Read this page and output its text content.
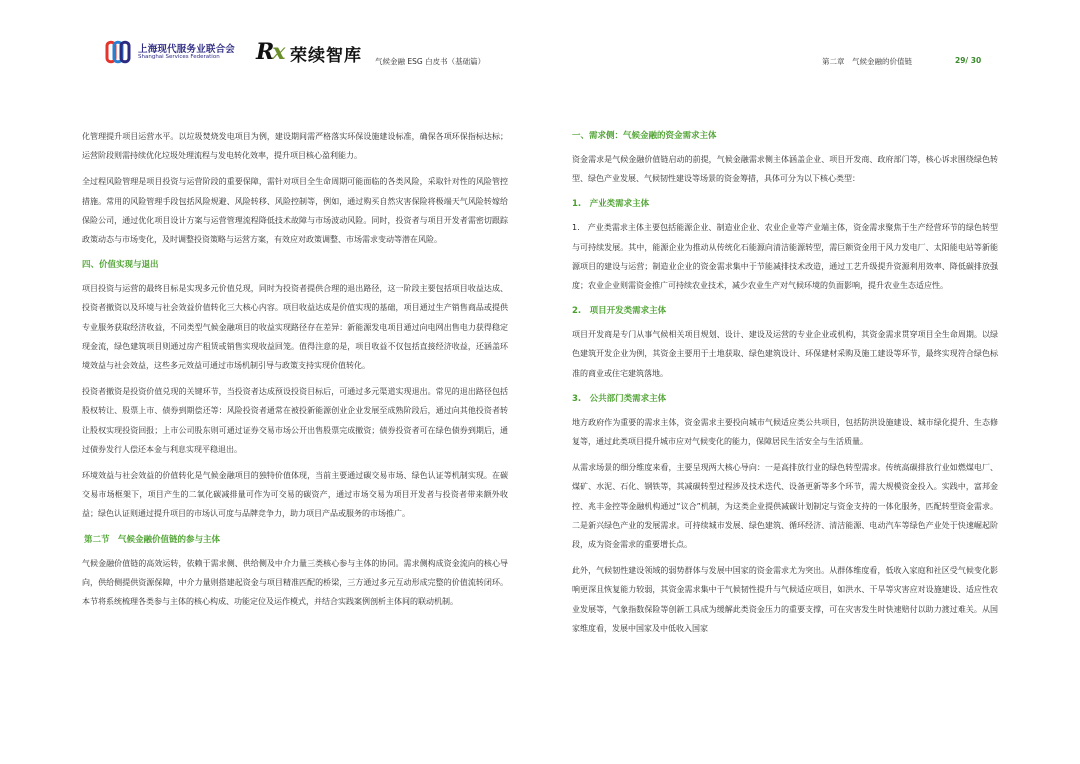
上海现代服务业联合会
Shanghai Services Federation Rx 荣续智库 气候金融 ESG 白皮书（基础篇）	第二章　气候金融的价值链	29/ 30

化管理提升项目运营水平。以垃圾焚烧发电项目为例，建设期间需严格落实环保设施建设标准，确保各项环保指标达标；运营阶段则需持续优化垃圾处理流程与发电转化效率，提升项目核心盈利能力。

全过程风险管理是项目投资与运营阶段的重要保障，需针对项目全生命周期可能面临的各类风险，采取针对性的风险管控措施。常用的风险管理手段包括风险规避、风险转移、风险控制等，例如，通过购买自然灾害保险将极端天气风险转嫁给保险公司，通过优化项目设计方案与运营管理流程降低技术故障与市场波动风险。同时，投资者与项目开发者需密切跟踪政策动态与市场变化，及时调整投资策略与运营方案，有效应对政策调整、市场需求变动等潜在风险。

四、价值实现与退出

项目投资与运营的最终目标是实现多元价值兑现，同时为投资者提供合理的退出路径，这一阶段主要包括项目收益达成、投资者撤资以及环境与社会效益价值转化三大核心内容。项目收益达成是价值实现的基础，项目通过生产销售商品或提供专业服务获取经济收益，不同类型气候金融项目的收益实现路径存在差异：新能源发电项目通过向电网出售电力获得稳定现金流，绿色建筑项目则通过房产租赁或销售实现收益回笼。值得注意的是，项目收益不仅包括直接经济收益，还涵盖环境效益与社会效益，这些多元效益可通过市场机制引导与政策支持实现价值转化。

投资者撤资是投资价值兑现的关键环节，当投资者达成预设投资目标后，可通过多元渠道实现退出。常见的退出路径包括股权转让、股票上市、债券到期偿还等：风险投资者通常在被投新能源创业企业发展至成熟阶段后，通过向其他投资者转让股权实现投资回报；上市公司股东则可通过证券交易市场公开出售股票完成撤资；债券投资者可在绿色债券到期后，通过债券发行人偿还本金与利息实现平稳退出。

环境效益与社会效益的价值转化是气候金融项目的独特价值体现，当前主要通过碳交易市场、绿色认证等机制实现。在碳交易市场框架下，项目产生的二氧化碳减排量可作为可交易的碳资产，通过市场交易为项目开发者与投资者带来额外收益；绿色认证则通过提升项目的市场认可度与品牌竞争力，助力项目产品或服务的市场推广。

第二节　气候金融价值链的参与主体

气候金融价值链的高效运转，依赖于需求侧、供给侧及中介力量三类核心参与主体的协同。需求侧构成资金流向的核心导向，供给侧提供资源保障，中介力量则搭建起资金与项目精准匹配的桥梁，三方通过多元互动形成完整的价值流转闭环。本节将系统梳理各类参与主体的核心构成、功能定位及运作模式，并结合实践案例剖析主体间的联动机制。

一、需求侧：气候金融的资金需求主体

资金需求是气候金融价值链启动的前提，气候金融需求侧主体涵盖企业、项目开发商、政府部门等，核心诉求围绕绿色转型、绿色产业发展、气候韧性建设等场景的资金筹措，具体可分为以下核心类型：

1.　产业类需求主体

1.　产业类需求主体主要包括能源企业、制造业企业、农业企业等产业端主体，资金需求聚焦于生产经营环节的绿色转型与可持续发展。其中，能源企业为推动从传统化石能源向清洁能源转型，需巨额资金用于风力发电厂、太阳能电站等新能源项目的建设与运营；制造业企业的资金需求集中于节能减排技术改造，通过工艺升级提升资源利用效率、降低碳排放强度；农业企业则需资金推广可持续农业技术，减少农业生产对气候环境的负面影响，提升农业生态适应性。

2.　项目开发类需求主体

项目开发商是专门从事气候相关项目规划、设计、建设及运营的专业企业或机构，其资金需求贯穿项目全生命周期。以绿色建筑开发企业为例，其资金主要用于土地获取、绿色建筑设计、环保建材采购及施工建设等环节，最终实现符合绿色标准的商业或住宅建筑落地。

3.　公共部门类需求主体

地方政府作为重要的需求主体，资金需求主要投向城市气候适应类公共项目，包括防洪设施建设、城市绿化提升、生态修复等，通过此类项目提升城市应对气候变化的能力，保障居民生活安全与生活质量。

从需求场景的细分维度来看，主要呈现两大核心导向：一是高排放行业的绿色转型需求。传统高碳排放行业如燃煤电厂、煤矿、水泥、石化、钢铁等，其减碳转型过程涉及技术迭代、设备更新等多个环节，需大规模资金投入。实践中，富邦金控、兆丰金控等金融机构通过“议合”机制，为这类企业提供减碳计划制定与资金支持的一体化服务，匹配转型资金需求。二是新兴绿色产业的发展需求。可持续城市发展、绿色建筑、循环经济、清洁能源、电动汽车等绿色产业处于快速崛起阶段，成为资金需求的重要增长点。

此外，气候韧性建设领域的弱势群体与发展中国家的资金需求尤为突出。从群体维度看，低收入家庭和社区受气候变化影响更深且恢复能力较弱，其资金需求集中于气候韧性提升与气候适应项目，如洪水、干旱等灾害应对设施建设、适应性农业发展等，气象指数保险等创新工具成为缓解此类资金压力的重要支撑，可在灾害发生时快速赔付以助力渡过难关。从国家维度看，发展中国家及中低收入国家
